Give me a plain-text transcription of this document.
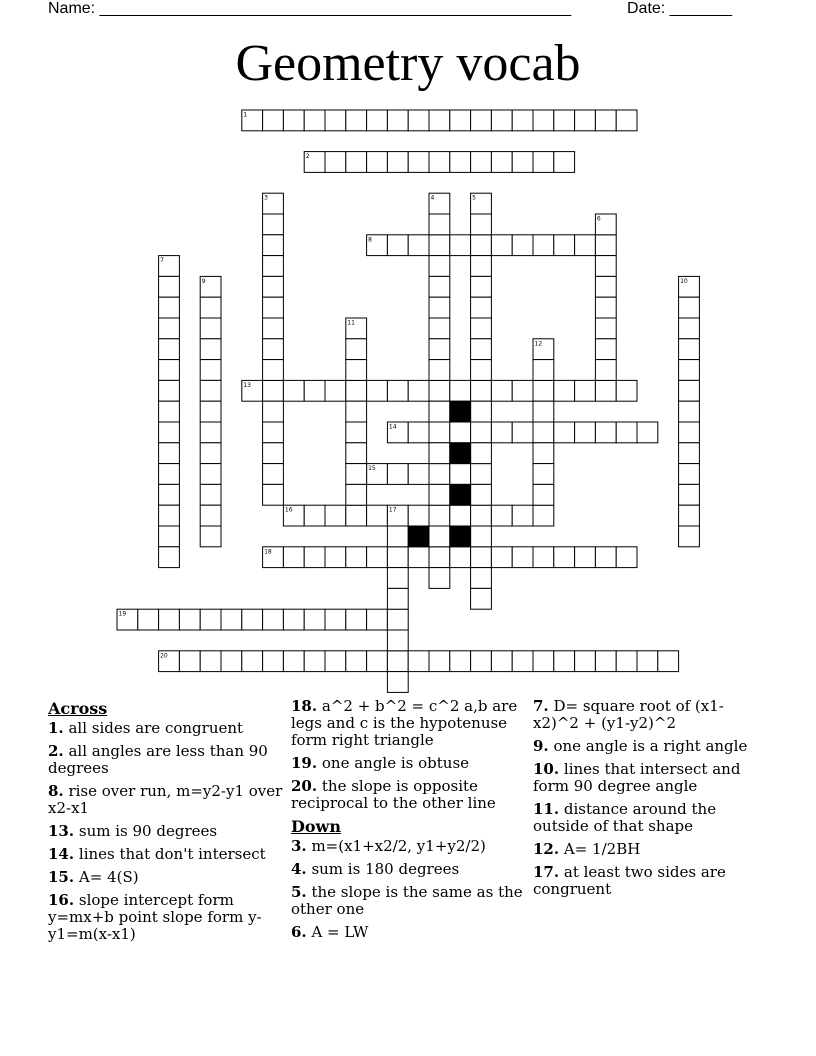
Name: _____________________________________________________	Date: _______
Geometry vocab
1
2
8
13
14
15
16
18
19
20
3	4	5
6
7
9	10
11
12
17
Across
1. all sides are congruent
2. all angles are less than 90 degrees
8. rise over run, m=y2-y1 over x2-x1
13. sum is 90 degrees
14. lines that don't intersect
15. A= 4(S)
16. slope intercept form y=mx+b point slope form y-y1=m(x-x1)
18. a^2 + b^2 = c^2 a,b are legs and c is the hypotenuse form right triangle
19. one angle is obtuse
20. the slope is opposite reciprocal to the other line
Down
3. m=(x1+x2/2, y1+y2/2)
4. sum is 180 degrees
5. the slope is the same as the other one
6. A = LW
7. D= square root of (x1-x2)^2 + (y1-y2)^2
9. one angle is a right angle
10. lines that intersect and form 90 degree angle
11. distance around the outside of that shape
12. A= 1/2BH
17. at least two sides are congruent
